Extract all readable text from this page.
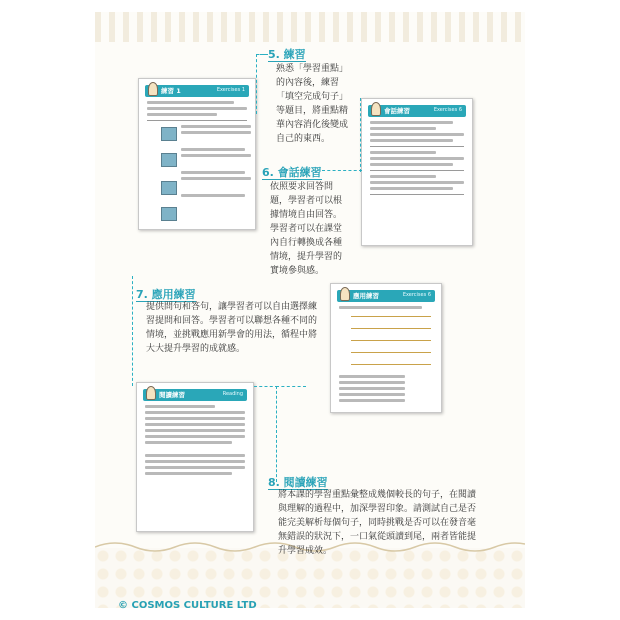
練習 1	Exercises 1
會話練習	Exercises 6
應用練習	Exercises 6
閱讀練習	Reading
5. 練習
熟悉「學習重點」
的內容後，練習
「填空完成句子」
等題目，將重點精
華內容消化後變成
自己的東西。
6. 會話練習
依照要求回答問
題，學習者可以根
據情境自由回答。
學習者可以在課堂
內自行轉換成各種
情境，提升學習的
實境參與感。
7. 應用練習
提供問句和答句，讓學習者可以自由選擇練
習提問和回答。學習者可以聯想各種不同的
情境，並挑戰應用新學會的用法，循程中將
大大提升學習的成就感。
8. 閱讀練習
將本課的學習重點彙整成幾個較長的句子，在閱讀
與理解的過程中，加深學習印象。請測試自己是否
能完美解析每個句子，同時挑戰是否可以在發音毫
無錯誤的狀況下，一口氣從頭讀到尾，兩者皆能提
升學習成效。
© COSMOS CULTURE LTD
